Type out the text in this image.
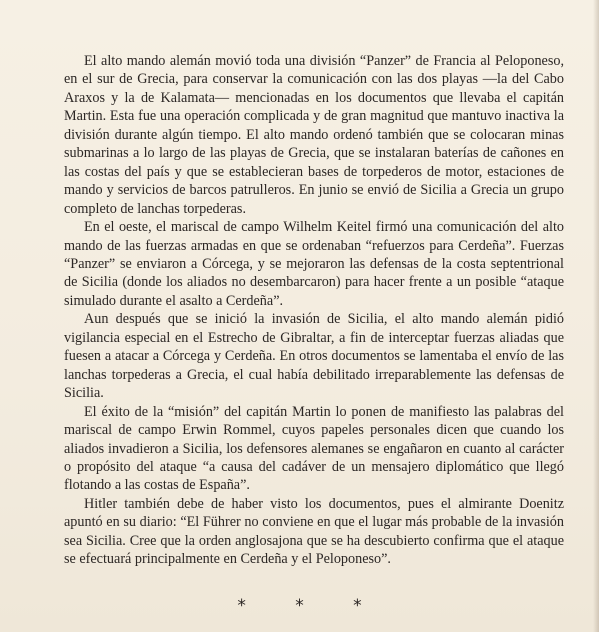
El alto mando alemán movió toda una división “Panzer” de Francia al Peloponeso, en el sur de Grecia, para conservar la comunicación con las dos playas —la del Cabo Araxos y la de Kalamata— mencionadas en los documentos que llevaba el capitán Martin. Esta fue una operación complicada y de gran magnitud que mantuvo inactiva la división durante algún tiempo. El alto mando ordenó también que se colocaran minas submarinas a lo largo de las playas de Grecia, que se instalaran baterías de cañones en las costas del país y que se establecieran bases de torpederos de motor, estaciones de mando y servicios de barcos patrulleros. En junio se envió de Sicilia a Grecia un grupo completo de lanchas torpederas.

En el oeste, el mariscal de campo Wilhelm Keitel firmó una comunicación del alto mando de las fuerzas armadas en que se ordenaban “refuerzos para Cerdeña”. Fuerzas “Panzer” se enviaron a Córcega, y se mejoraron las defensas de la costa septentrional de Sicilia (donde los aliados no desembarcaron) para hacer frente a un posible “ataque simulado durante el asalto a Cerdeña”.

Aun después que se inició la invasión de Sicilia, el alto mando alemán pidió vigilancia especial en el Estrecho de Gibraltar, a fin de interceptar fuerzas aliadas que fuesen a atacar a Córcega y Cerdeña. En otros documentos se lamentaba el envío de las lanchas torpederas a Grecia, el cual había debilitado irreparablemente las defensas de Sicilia.

El éxito de la “misión” del capitán Martin lo ponen de manifiesto las palabras del mariscal de campo Erwin Rommel, cuyos papeles personales dicen que cuando los aliados invadieron a Sicilia, los defensores alemanes se engañaron en cuanto al carácter o propósito del ataque “a causa del cadáver de un mensajero diplomático que llegó flotando a las costas de España”.

Hitler también debe de haber visto los documentos, pues el almirante Doenitz apuntó en su diario: “El Führer no conviene en que el lugar más probable de la invasión sea Sicilia. Cree que la orden anglosajona que se ha descubierto confirma que el ataque se efectuará principalmente en Cerdeña y el Peloponeso”.

* * *
